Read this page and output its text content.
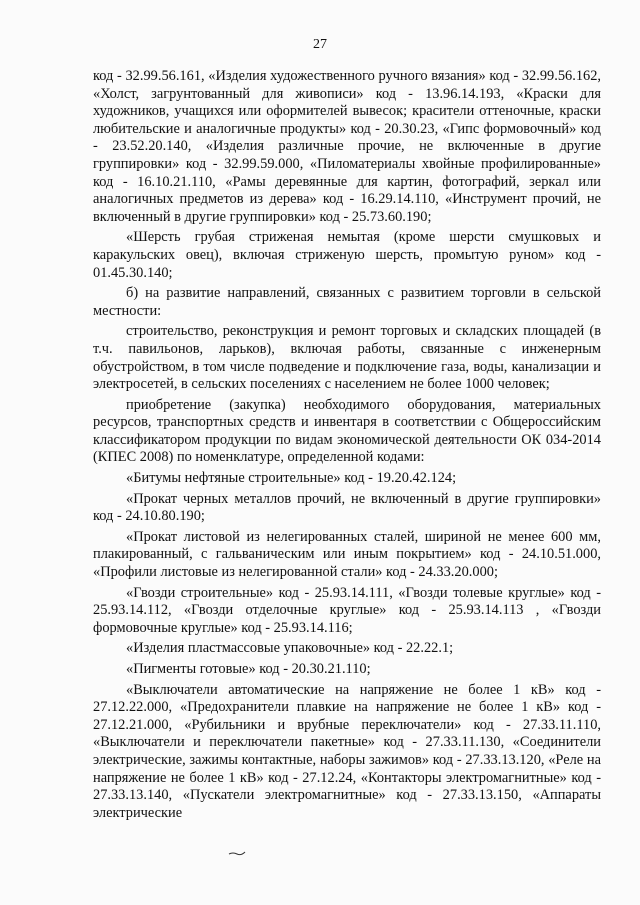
27

код - 32.99.56.161, «Изделия художественного ручного вязания» код - 32.99.56.162, «Холст, загрунтованный для живописи» код - 13.96.14.193, «Краски для художников, учащихся или оформителей вывесок; красители оттеночные, краски любительские и аналогичные продукты» код - 20.30.23, «Гипс формовочный» код - 23.52.20.140, «Изделия различные прочие, не включенные в другие группировки» код - 32.99.59.000, «Пиломатериалы хвойные профилированные» код - 16.10.21.110, «Рамы деревянные для картин, фотографий, зеркал или аналогичных предметов из дерева» код - 16.29.14.110, «Инструмент прочий, не включенный в другие группировки» код - 25.73.60.190;

«Шерсть грубая стриженая немытая (кроме шерсти смушковых и каракульских овец), включая стриженую шерсть, промытую руном» код - 01.45.30.140;

б) на развитие направлений, связанных с развитием торговли в сельской местности:

строительство, реконструкция и ремонт торговых и складских площадей (в т.ч. павильонов, ларьков), включая работы, связанные с инженерным обустройством, в том числе подведение и подключение газа, воды, канализации и электросетей, в сельских поселениях с населением не более 1000 человек;

приобретение (закупка) необходимого оборудования, материальных ресурсов, транспортных средств и инвентаря в соответствии с Общероссийским классификатором продукции по видам экономической деятельности ОК 034-2014 (КПЕС 2008) по номенклатуре, определенной кодами:

«Битумы нефтяные строительные» код - 19.20.42.124;

«Прокат черных металлов прочий, не включенный в другие группировки» код - 24.10.80.190;

«Прокат листовой из нелегированных сталей, шириной не менее 600 мм, плакированный, с гальваническим или иным покрытием» код - 24.10.51.000, «Профили листовые из нелегированной стали» код - 24.33.20.000;

«Гвозди строительные» код - 25.93.14.111, «Гвозди толевые круглые» код - 25.93.14.112, «Гвозди отделочные круглые» код - 25.93.14.113 , «Гвозди формовочные круглые» код - 25.93.14.116;

«Изделия пластмассовые упаковочные» код - 22.22.1;

«Пигменты готовые» код - 20.30.21.110;

«Выключатели автоматические на напряжение не более 1 кВ» код - 27.12.22.000, «Предохранители плавкие на напряжение не более 1 кВ» код - 27.12.21.000, «Рубильники и врубные переключатели» код - 27.33.11.110, «Выключатели и переключатели пакетные» код - 27.33.11.130, «Соединители электрические, зажимы контактные, наборы зажимов» код - 27.33.13.120, «Реле на напряжение не более 1 кВ» код - 27.12.24, «Контакторы электромагнитные» код - 27.33.13.140, «Пускатели электромагнитные» код - 27.33.13.150, «Аппараты электрические
